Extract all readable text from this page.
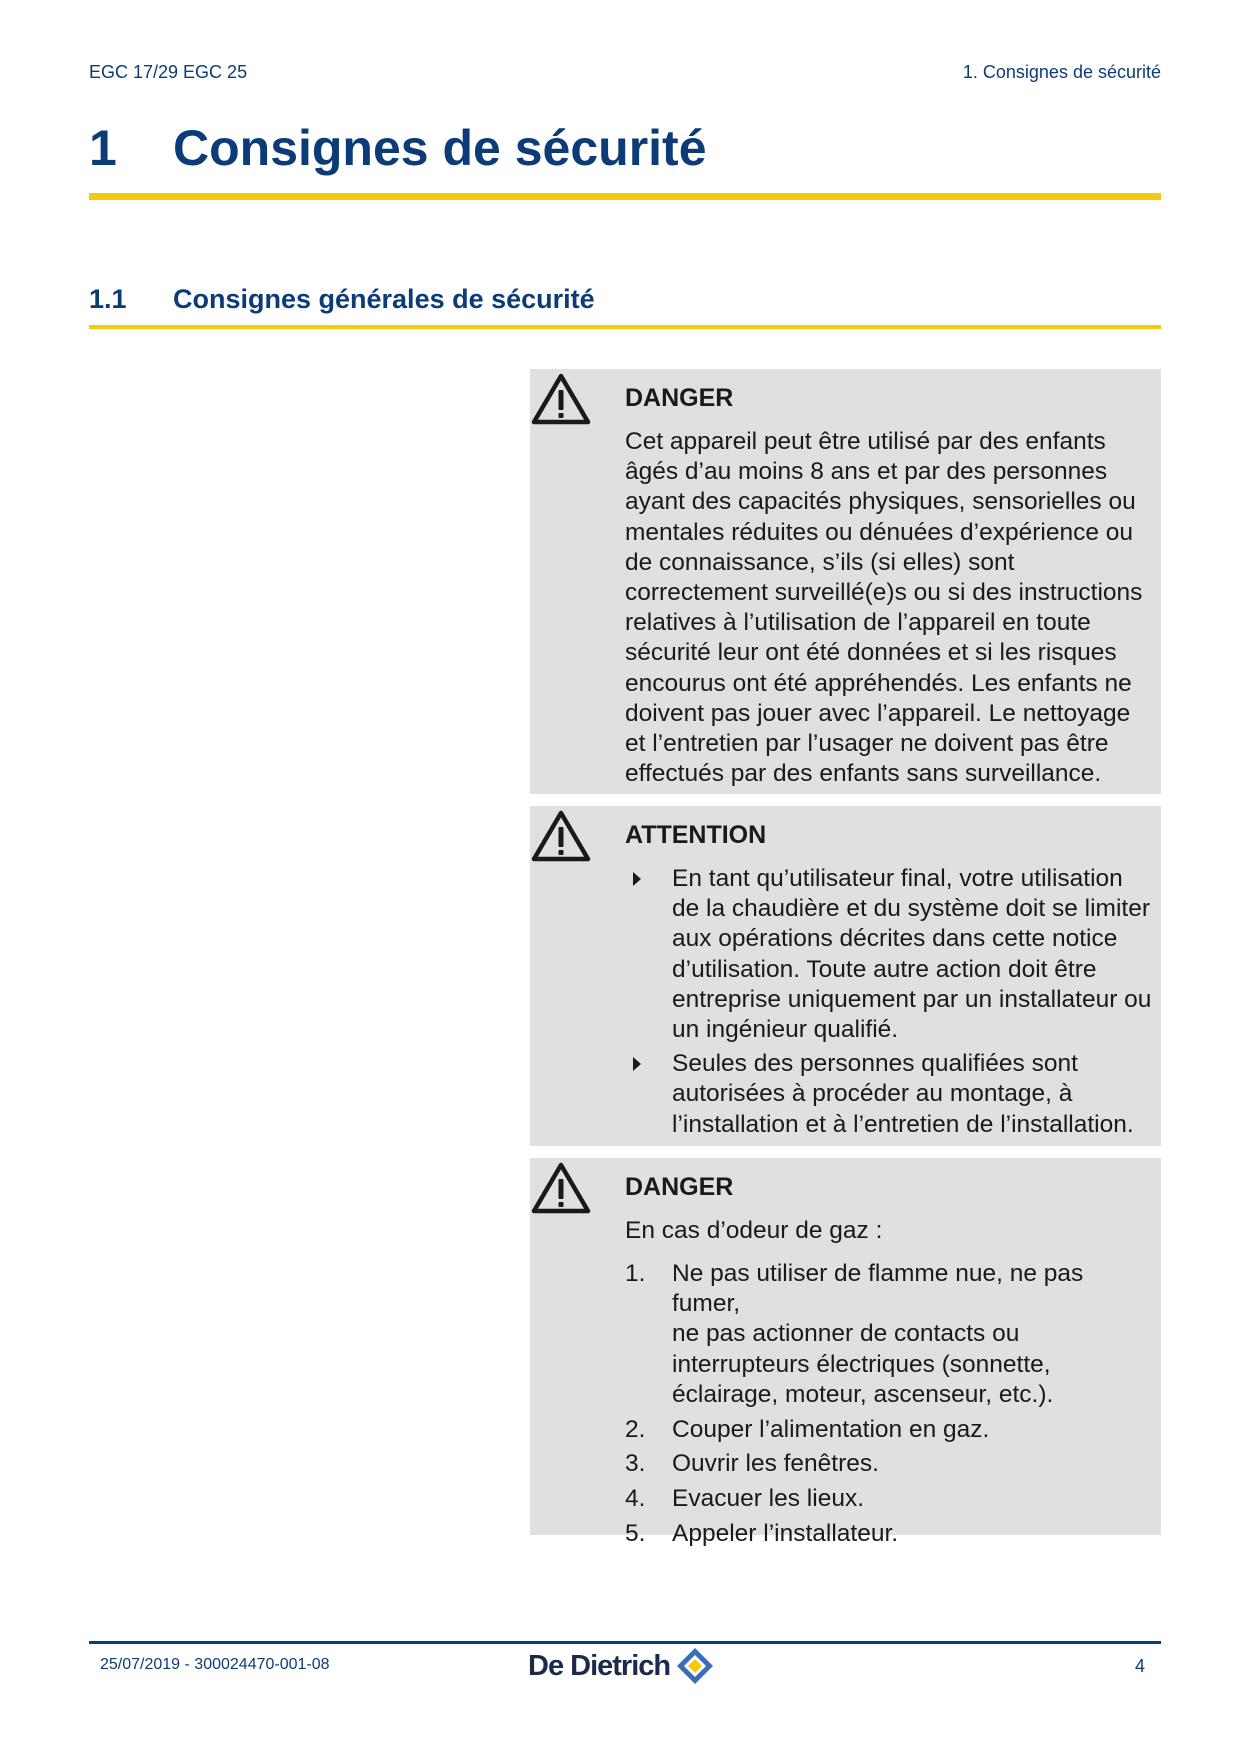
EGC 17/29 EGC 25	1. Consignes de sécurité
1 Consignes de sécurité
1.1 Consignes générales de sécurité
DANGER
Cet appareil peut être utilisé par des enfants
âgés d’au moins 8 ans et par des personnes
ayant des capacités physiques, sensorielles ou
mentales réduites ou dénuées d’expérience ou
de connaissance, s’ils (si elles) sont
correctement surveillé(e)s ou si des instructions
relatives à l’utilisation de l’appareil en toute
sécurité leur ont été données et si les risques
encourus ont été appréhendés. Les enfants ne
doivent pas jouer avec l’appareil. Le nettoyage
et l’entretien par l’usager ne doivent pas être
effectués par des enfants sans surveillance.
ATTENTION
En tant qu’utilisateur final, votre utilisation
de la chaudière et du système doit se limiter
aux opérations décrites dans cette notice
d’utilisation. Toute autre action doit être
entreprise uniquement par un installateur ou
un ingénieur qualifié.
Seules des personnes qualifiées sont
autorisées à procéder au montage, à
l’installation et à l’entretien de l’installation.
DANGER
En cas d’odeur de gaz :
1. Ne pas utiliser de flamme nue, ne pas fumer,
ne pas actionner de contacts ou
interrupteurs électriques (sonnette,
éclairage, moteur, ascenseur, etc.).
2. Couper l’alimentation en gaz.
3. Ouvrir les fenêtres.
4. Evacuer les lieux.
5. Appeler l’installateur.
25/07/2019 - 300024470-001-08	De Dietrich	4
